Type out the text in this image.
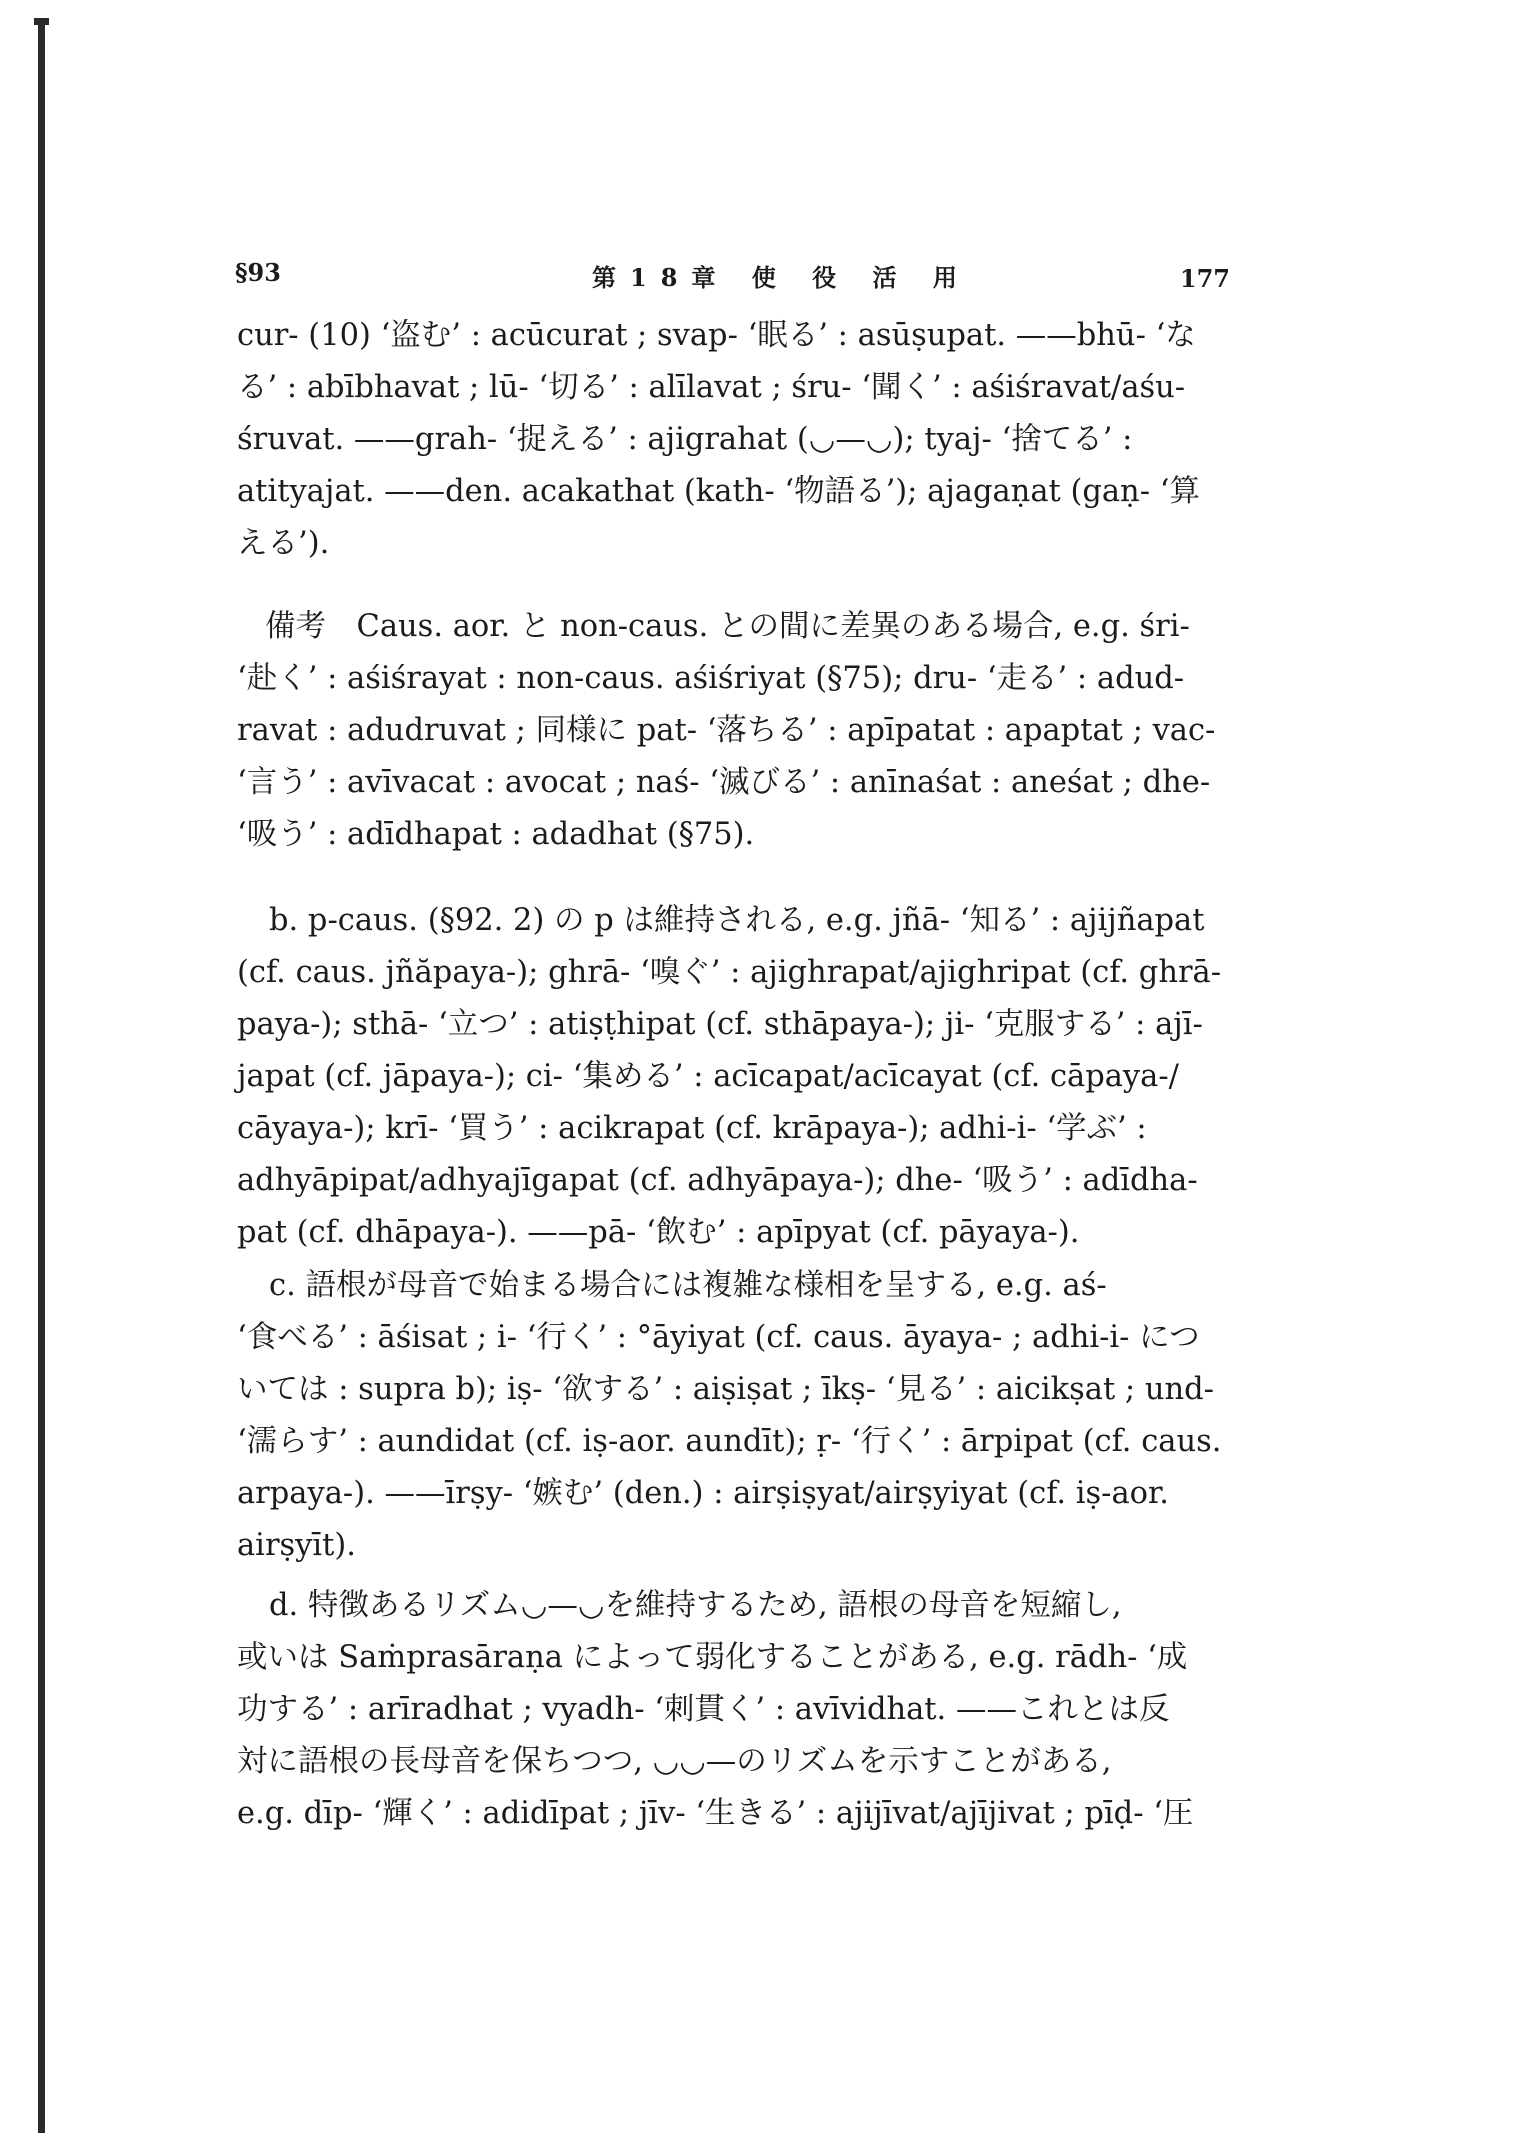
§93	第18章 使 役 活 用	177

cur- (10) ‘盗む’ : acūcurat ; svap- ‘眠る’ : asūṣupat. ——bhū- ‘な
る’ : abībhavat ; lū- ‘切る’ : alīlavat ; śru- ‘聞く’ : aśiśravat/aśu-
śruvat. ——grah- ‘捉える’ : ajigrahat (◡—◡); tyaj- ‘捨てる’ :
atityajat. ——den. acakathat (kath- ‘物語る’); ajagaṇat (gaṇ- ‘算
える’).

備考　Caus. aor. と non-caus. との間に差異のある場合, e.g. śri-
‘赴く’ : aśiśrayat : non-caus. aśiśriyat (§75); dru- ‘走る’ : adud-
ravat : adudruvat ; 同様に pat- ‘落ちる’ : apīpatat : apaptat ; vac-
‘言う’ : avīvacat : avocat ; naś- ‘滅びる’ : anīnaśat : aneśat ; dhe-
‘吸う’ : adīdhapat : adadhat (§75).

b. p-caus. (§92. 2) の p は維持される, e.g. jñā- ‘知る’ : ajijñapat
(cf. caus. jñăpaya-); ghrā- ‘嗅ぐ’ : ajighrapat/ajighripat (cf. ghrā-
paya-); sthā- ‘立つ’ : atiṣṭhipat (cf. sthāpaya-); ji- ‘克服する’ : ajī-
japat (cf. jāpaya-); ci- ‘集める’ : acīcapat/acīcayat (cf. cāpaya-/
cāyaya-); krī- ‘買う’ : acikrapat (cf. krāpaya-); adhi-i- ‘学ぶ’ :
adhyāpipat/adhyajīgapat (cf. adhyāpaya-); dhe- ‘吸う’ : adīdha-
pat (cf. dhāpaya-). ——pā- ‘飲む’ : apīpyat (cf. pāyaya-).

c. 語根が母音で始まる場合には複雑な様相を呈する, e.g. aś-
‘食べる’ : āśisat ; i- ‘行く’ : °āyiyat (cf. caus. āyaya- ; adhi-i- につ
いては : supra b); iṣ- ‘欲する’ : aiṣiṣat ; īkṣ- ‘見る’ : aicikṣat ; und-
‘濡らす’ : aundidat (cf. iṣ-aor. aundīt); ṛ- ‘行く’ : ārpipat (cf. caus.
arpaya-). ——īrṣy- ‘嫉む’ (den.) : airṣiṣyat/airṣyiyat (cf. iṣ-aor.
airṣyīt).

d. 特徴あるリズム◡—◡を維持するため, 語根の母音を短縮し,
或いは Saṁprasāraṇa によって弱化することがある, e.g. rādh- ‘成
功する’ : arīradhat ; vyadh- ‘刺貫く’ : avīvidhat. ——これとは反
対に語根の長母音を保ちつつ, ◡◡—のリズムを示すことがある,
e.g. dīp- ‘輝く’ : adidīpat ; jīv- ‘生きる’ : ajijīvat/ajījivat ; pīḍ- ‘圧
